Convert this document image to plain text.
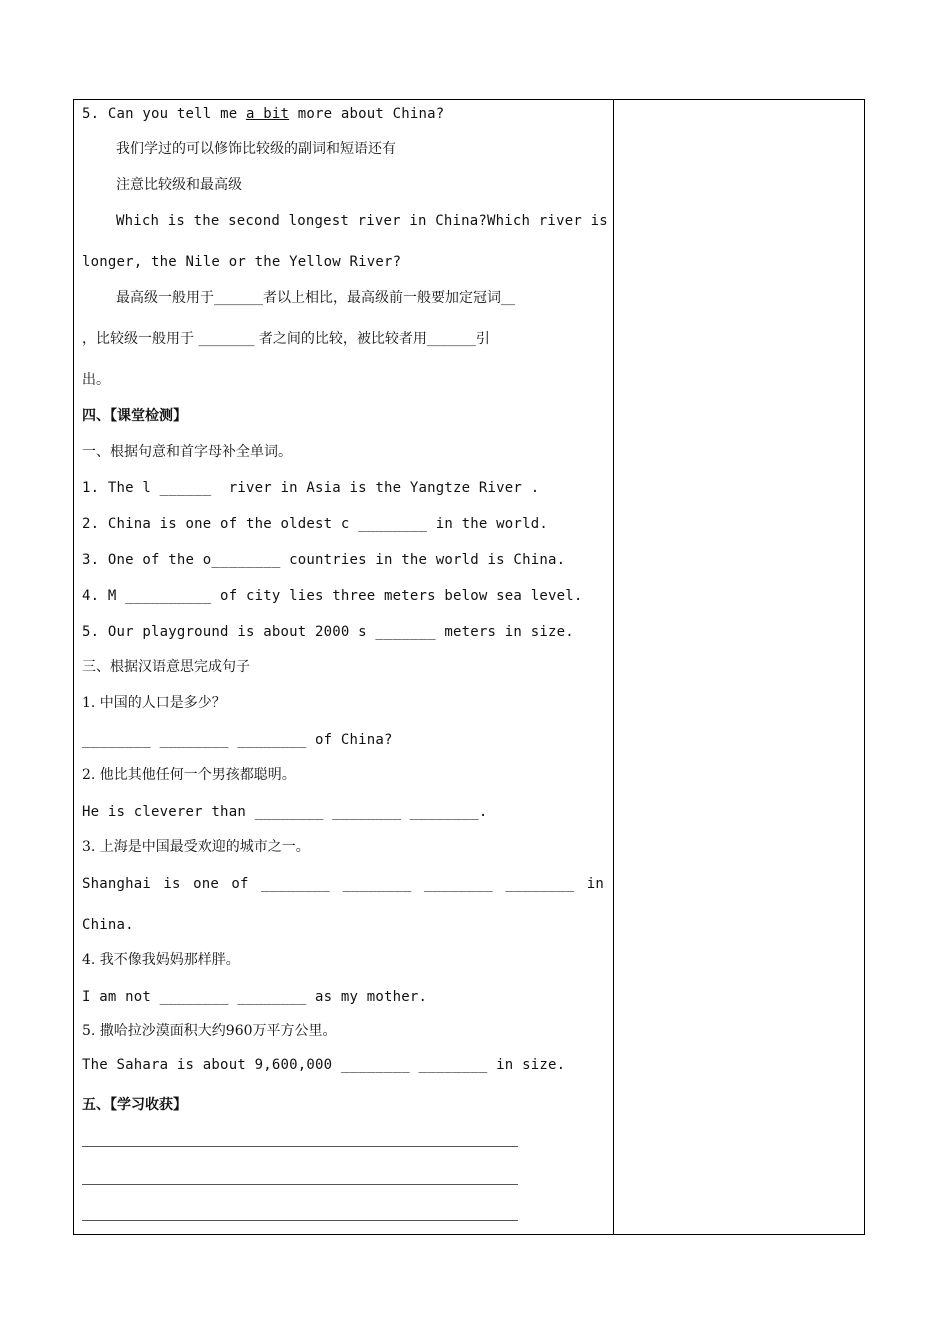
5. Can you tell me a bit more about China?
我们学过的可以修饰比较级的副词和短语还有
注意比较级和最高级
Which is the second longest river in China?Which river is
longer, the Nile or the Yellow River?
最高级一般用于_______者以上相比，最高级前一般要加定冠词__
，比较级一般用于 ________ 者之间的比较，被比较者用_______引
出。
四、【课堂检测】
一、根据句意和首字母补全单词。
1. The l ______  river in Asia is the Yangtze River .
2. China is one of the oldest c ________ in the world.
3. One of the o________ countries in the world is China.
4. M __________ of city lies three meters below sea level.
5. Our playground is about 2000 s _______ meters in size.
三、根据汉语意思完成句子
1. 中国的人口是多少？
________ ________ ________ of China?
2. 他比其他任何一个男孩都聪明。
He is cleverer than ________ ________ ________.
3. 上海是中国最受欢迎的城市之一。
Shanghai is one of ________ ________ ________ ________ in
China.
4. 我不像我妈妈那样胖。
I am not ________ ________ as my mother.
5. 撒哈拉沙漠面积大约960万平方公里。
The Sahara is about 9,600,000 ________ ________ in size.
五、【学习收获】
